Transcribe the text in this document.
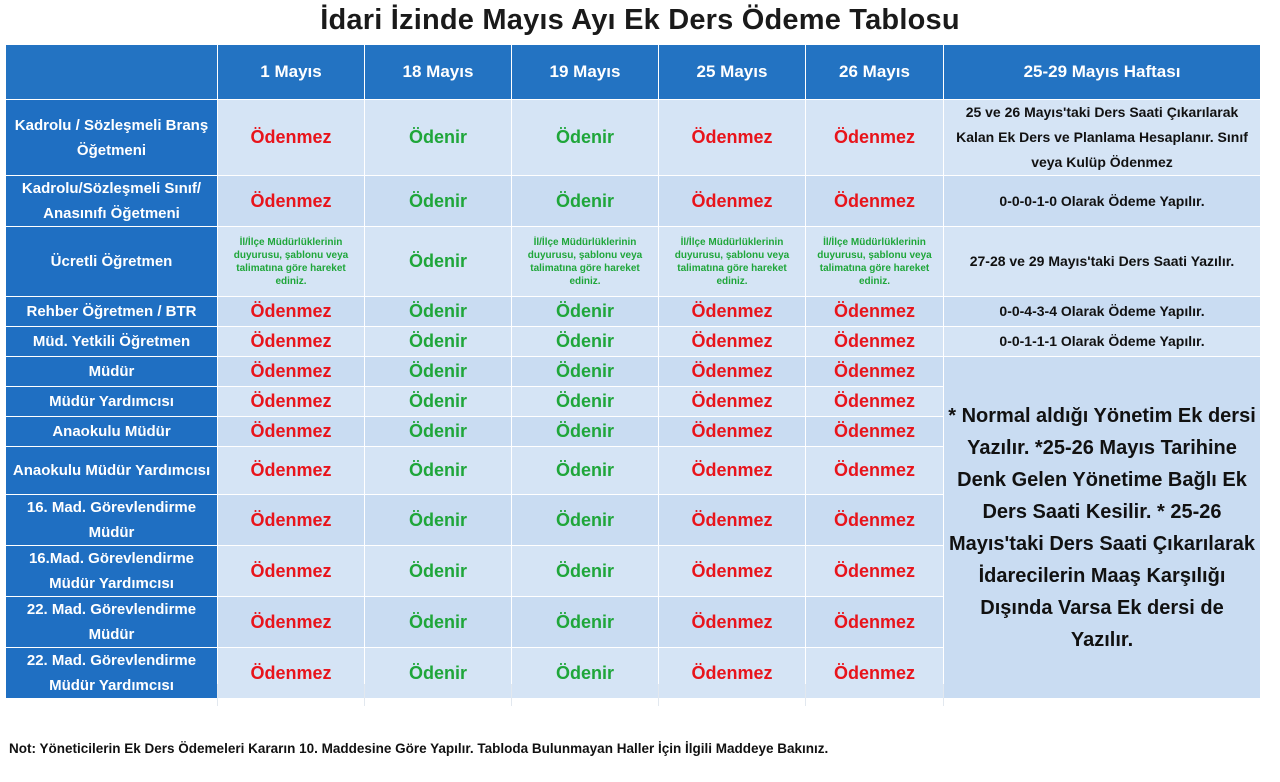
İdari İzinde Mayıs Ayı Ek Ders Ödeme Tablosu
	1 Mayıs	18 Mayıs	19 Mayıs	25 Mayıs	26 Mayıs	25-29 Mayıs Haftası
Kadrolu / Sözleşmeli Branş Öğetmeni	Ödenmez	Ödenir	Ödenir	Ödenmez	Ödenmez	25 ve 26 Mayıs'taki Ders Saati Çıkarılarak Kalan Ek Ders ve Planlama Hesaplanır. Sınıf veya Kulüp Ödenmez
Kadrolu/Sözleşmeli Sınıf/ Anasınıfı Öğetmeni	Ödenmez	Ödenir	Ödenir	Ödenmez	Ödenmez	0-0-0-1-0 Olarak Ödeme Yapılır.
Ücretli Öğretmen	İl/İlçe Müdürlüklerinin duyurusu, şablonu veya talimatına göre hareket ediniz.	Ödenir	İl/İlçe Müdürlüklerinin duyurusu, şablonu veya talimatına göre hareket ediniz.	İl/İlçe Müdürlüklerinin duyurusu, şablonu veya talimatına göre hareket ediniz.	İl/İlçe Müdürlüklerinin duyurusu, şablonu veya talimatına göre hareket ediniz.	27-28 ve 29 Mayıs'taki Ders Saati Yazılır.
Rehber Öğretmen / BTR	Ödenmez	Ödenir	Ödenir	Ödenmez	Ödenmez	0-0-4-3-4 Olarak Ödeme Yapılır.
Müd. Yetkili Öğretmen	Ödenmez	Ödenir	Ödenir	Ödenmez	Ödenmez	0-0-1-1-1 Olarak Ödeme Yapılır.
Müdür	Ödenmez	Ödenir	Ödenir	Ödenmez	Ödenmez	* Normal aldığı Yönetim Ek dersi Yazılır. *25-26 Mayıs Tarihine Denk Gelen Yönetime Bağlı Ek Ders Saati Kesilir. * 25-26 Mayıs'taki Ders Saati Çıkarılarak İdarecilerin Maaş Karşılığı Dışında Varsa Ek dersi de Yazılır.
Müdür Yardımcısı	Ödenmez	Ödenir	Ödenir	Ödenmez	Ödenmez	
Anaokulu Müdür	Ödenmez	Ödenir	Ödenir	Ödenmez	Ödenmez	
Anaokulu Müdür Yardımcısı	Ödenmez	Ödenir	Ödenir	Ödenmez	Ödenmez	
16. Mad. Görevlendirme Müdür	Ödenmez	Ödenir	Ödenir	Ödenmez	Ödenmez	
16.Mad. Görevlendirme Müdür Yardımcısı	Ödenmez	Ödenir	Ödenir	Ödenmez	Ödenmez	
22. Mad. Görevlendirme Müdür	Ödenmez	Ödenir	Ödenir	Ödenmez	Ödenmez	
22. Mad. Görevlendirme Müdür Yardımcısı	Ödenmez	Ödenir	Ödenir	Ödenmez	Ödenmez	
Not: Yöneticilerin Ek Ders Ödemeleri Kararın 10. Maddesine Göre Yapılır. Tabloda Bulunmayan Haller İçin İlgili Maddeye Bakınız.
